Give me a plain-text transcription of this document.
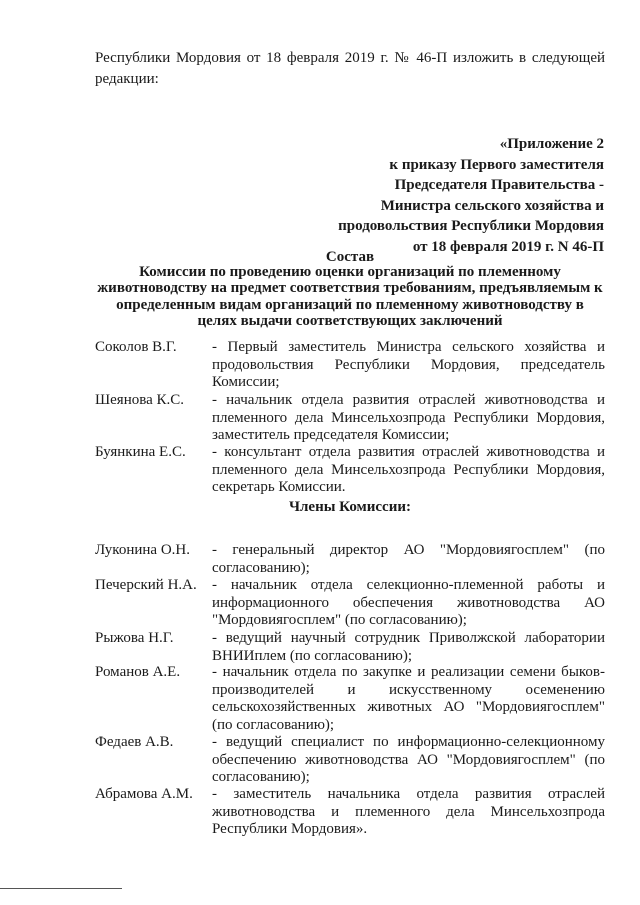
Республики Мордовия от 18 февраля 2019 г. № 46-П изложить в следующей редакции:
«Приложение 2
к приказу Первого заместителя
Председателя Правительства -
Министра сельского хозяйства и
продовольствия Республики Мордовия
от 18 февраля 2019 г. N 46-П
Состав
Комиссии по проведению оценки организаций по племенному животноводству на предмет соответствия требованиям, предъявляемым к определенным видам организаций по племенному животноводству в целях выдачи соответствующих заключений
Соколов В.Г.	- Первый заместитель Министра сельского хозяйства и продовольствия Республики Мордовия, председатель Комиссии;
Шеянова К.С.	- начальник отдела развития отраслей животноводства и племенного дела Минсельхозпрода Республики Мордовия, заместитель председателя Комиссии;
Буянкина Е.С.	- консультант отдела развития отраслей животноводства и племенного дела Минсельхозпрода Республики Мордовия, секретарь Комиссии.
Члены Комиссии:
Луконина О.Н.	- генеральный директор АО "Мордовиягосплем" (по согласованию);
Печерский Н.А.	- начальник отдела селекционно-племенной работы и информационного обеспечения животноводства АО "Мордовиягосплем" (по согласованию);
Рыжова Н.Г.	- ведущий научный сотрудник Приволжской лаборатории ВНИИплем (по согласованию);
Романов А.Е.	- начальник отдела по закупке и реализации семени быков-производителей и искусственному осеменению сельскохозяйственных животных АО "Мордовиягосплем" (по согласованию);
Федаев А.В.	- ведущий специалист по информационно-селекционному обеспечению животноводства АО "Мордовиягосплем" (по согласованию);
Абрамова А.М.	- заместитель начальника отдела развития отраслей животноводства и племенного дела Минсельхозпрода Республики Мордовия».
